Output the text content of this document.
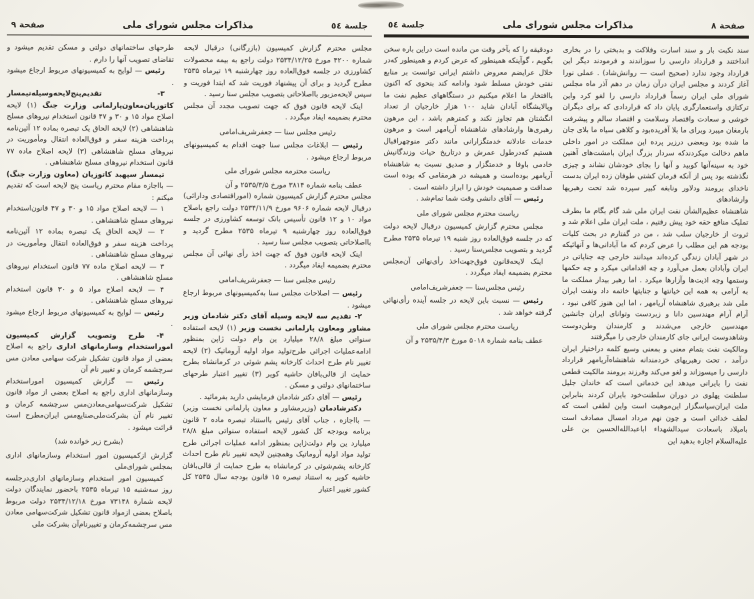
جلسة ٥٤
مذاکرات مجلس شورای ملی
صفحة ٩

مجلس محترم گزارش کمیسیون (بازرگانی) درقبال لایحه شماره ۴۲۰۰ مورخ ۲۵۳۴/۱۲/۲۵ دولت راجع به بیمه محصولات کشاورزی در جلسه فوق‌العاده روز چهارشنبه ۱۹ تیرماه ۲۵۳۵ مطرح گردید و برای آن پیشنهاد فوریت شد که ابتدا فوریت و سپس لایحه‌مزبور بااصلاحاتی بتصویب مجلس سنا رسید .

اینک لایحه قانون فوق که جهت تصویب مجدد آن مجلس محترم بضمیمه ایفاد میگردد .

رئیس مجلس سنا — جعفرشریف‌امامی

رئیس — ابلاغات مجلس سنا جهت اقدام به کمیسیونهای مربوط ارجاع میشود .

ریاست محترمه مجلس شورای ملی

عطف بنامه شماره ۳۸۱۴ مورخ ۲۵۳۵/۳/۵ و آن

مجلس محترم گزارش کمیسیون شماره (اموراقتصادی ودارائی) درقبال لایحه شماره ۹۶۰۶ مورخ ۲۵۳۴/۱۱/۹ دولت راجع باصلاح مواد ۱۰ و ۱۲ قانون تأسیس بانک توسعه کشاورزی در جلسه فوق‌العاده روز چهارشنبه ۹ تیرماه ۲۵۳۵ مطرح گردید و بااصلاحاتی بتصویب مجلس سنا رسید .

اینک لایحه قانون فوق که جهت اخذ رأی نهائی آن مجلس محترم بضمیمه ایفاد میگردد .

رئیس مجلس سنا — جعفرشریف‌امامی

رئیس — اصلاحات مجلس سنا به‌کمیسیونهای مربوط ارجاع میشود .

۲- تقدیم سه لایحه وسیله آقای دکتر شادمان وزیر مشاور ومعاون پارلمانی نخست وزیر (۱) لایحه استفاده سنواتی مبلغ ۲۸/۸ میلیارد ین وام دولت ژاپن بمنظور ادامه‌عملیات اجرائی طرح‌تولید مواد اولیه آروماتیک (۲) لایحه تغییر نام طرح احداث کارخانه پشم شوئی در کرمانشاه بطرح حمایت از قالی‌بافان حاشیه کویر (۳) تغییر اعتبار طرحهای ساختمانهای دولتی و مسکن .

رئیس — آقای دکتر شادمان فرمایشی دارید بفرمائید .

دکترشادمان (وزیرمشاور و معاون پارلمانی نخست وزیر) — بااجازه ، جناب آقای رئیس بااستناد تبصره ماده ۲ قانون برنامه وبودجه کل کشور لایحه استفاده سنواتی مبلغ ۲۸/۸ میلیارد ین وام دولت‌ژاپن بمنظور ادامه عملیات اجرائی طرح تولید مواد اولیه آروماتیک وهمچنین لایحه تغییر نام طرح احداث کارخانه پشم‌شوئی در کرمانشاه به طرح حمایت از قالی‌بافان حاشیه کویر به استناد تبصره ۱۵ قانون بودجه سال ۲۵۳۵ کل کشور تغییر اعتبار

طرحهای ساختمانهای دولتی و مسکن تقدیم میشود و تقاضای تصویب آنها را دارم .

رئیس — لوایح به کمیسیونهای مربوط ارجاع میشود .

۳- تقدیم‌پنج‌لایحه‌وسیله‌تیمسار کاتوزیان‌معاون‌پارلمانی وزارت جنگ (۱) لایحه اصلاح مواد ۱۵ و ۳۰ و ۴۷ قانون استخدام نیروهای مسلح شاهنشاهی (۲) لایحه الحاق یک تبصره بماده ۱۲ آئین‌نامه پرداخت هزینه سفر و فوق‌العاده انتقال ومأموریت در نیروهای مسلح شاهنشاهی (۳) لایحه اصلاح ماده ۷۷ قانون استخدام نیروهای مسلح شاهنشاهی .

تیمسار سپهبد کاتوزیان (معاون وزارت جنگ) — بااجازه مقام محترم ریاست پنج لایحه است که تقدیم میکنم :

۱ — لایحه اصلاح مواد ۱۵ و ۳۰ و ۴۷ قانون‌استخدام نیروهای مسلح شاهنشاهی .

۲ — لایحه الحاق یک تبصره بماده ۱۲ آئین‌نامه پرداخت هزینه سفر و فوق‌العاده انتقال ومأموریت در نیروهای مسلح شاهنشاهی .

۳ — لایحه اصلاح ماده ۷۷ قانون استخدام نیروهای مسلح شاهنشاهی .

۴ — لایحه اصلاح مواد ۵ و ۳۰ قانون استخدام نیروهای مسلح شاهنشاهی .

رئیس — لوایح به کمیسیونهای مربوط ارجاع میشود .

۴- طرح وتصویب گزارش کمیسیون اموراستخدام وسازمانهای اداری راجع به اصلاح بعضی از مواد قانون تشکیل شرکت سهامی معادن مس سرچشمه کرمان و تغییر نام آن

رئیس — گزارش کمیسیون اموراستخدام وسازمانهای اداری راجع به اصلاح بعضی از مواد قانون تشکیل شرکت‌سهامی‌معادن‌مس سرچشمه کرمان و تغییر نام آن بشرکت‌ملی‌صنایع‌مس ایران‌مطرح است قرائت میشود .

(بشرح زیر خوانده شد)

گزارش ازکمیسیون امور استخدام وسازمانهای اداری بمجلس شورای‌ملی

کمیسیون امور استخدام وسازمانهای اداری‌درجلسه روز سه‌شنبه ۱۵ تیرماه ۲۵۳۵ باحضور نمایندگان دولت لایحه شمارة ۷۳۱۴۸ مورخ ۲۵۳۴/۱۲/۱۸ دولت مربوط باصلاح بعضی ازمواد قانون تشکیل شرکت‌سهامی معادن مس سرچشمه‌کرمان و تغییرنام‌آن بشرکت ملی

صفحة ٨
مذاکرات مجلس شورای ملی
جلسة ٥٤

سند نکبت بار و سند اسارت وفلاکت و بدبختی را در بخاری انداختند و قرارداد دارسی را سوزاندند و فرمودند دیگر این قرارداد وجود ندارد (صحیح است — روانش‌شاد) . عملی نورا آغاز کردند و مجلس ایران درآن زمان در دهم آذر ماه مجلس شورای ملی ایران رسماً قرارداد دارسی را لغو کرد واین ترکتازی واستعمارگری پایان داد که قراردادی که برای دیگران خوشی و سعادت واقتصاد وسلامت و اقتصاد سالم و پیشرفت بارمغان میبرد وبرای ما بلا آفریده‌بود و کلاهی سیاه ما بلای جان ما شده بود وبعضی درزیر پرده این مملکت در امور داخلی ماهم دخالت میکردندکه سردار بزرگ ایران بامشت‌های آهنین خود به سینه‌آنها کوبید و آنها را بجای خودشان نشاند و چیزی نگذشته بود پس از آنکه فرمان کشتی طوفان زده ایران بدست ناخدای برومند ودلاور ونابغه کبیر سپرده شد تحت رهبریها وارشادهای

شاهنشاه عظیم‌الشأن نفت ایران ملی شد گام بگام ما بطرف تملیک منافع حقه خود پیش رفتیم ، ملت ایران ملی اعلام شد و ثروت از خارجیان سلب شد ، من در گفتارم در بحث کلیات بودجه هم این مطلب را عرض کردم که ما آبادانی‌ها و آنهائیکه در شهر آبادان زندگی کرده‌اند میدانند خارجی چه جنایاتی در ایران وآبادان بعمل می‌آورد و چه اقداماتی میکرد و چه حکمها وستمها وچه اذیت‌ها وآزارها میکرد . اما رهبر بیدار مملکت ما به آرامی به همه این خیانتها و جنایتها خاتمه داد ونفت ایران ملی شد برهبری شاهنشاه آریامهر ، اما این هنوز کافی نبود ، آرام آرام مهندسین دانا و زبردست وتوانای ایران جانشین مهندسین خارجی می‌شدند و کارمندان وطن‌دوست وشاهدوست ایرانی جای کارمندان خارجی را میگرفتند

ومالکیت نفت بتمام معنی و بمعنی وسیع کلمه دراختیار ایران درآمد ، تحت رهبریهای خردمندانه شاهنشاه‌آریامهر قرارداد دارسی را میسوزاند و لغو می‌کند وفرزند برومند مالکیت قطعی نفت را بایرانی میدهد این خدماتی است که خاندان جلیل سلطنت پهلوی در دوران سلطنت‌خود بایران کردند بنابراین ملت ایران‌سپاسگزار این‌موهبت است واین لطفی است که لطف خدائی است و چون نهم مرداد امسال مصادف است بامیلاد باسعادت سیدالشهداء اباعبدالله‌الحسین بن علی علیه‌السلام اجازه بدهید این

دودقیقه را که بآخر وقت من مانده است دراین باره سخن بگویم ، گوآینکه همینطور که عرض کردم و همینطور که‌در خلال عرایضم معروض داشتم ایرانی توانست بر منابع نفتی خودش مسلط شود وادامه کند بنحوی که اکنون باافتخار ما اعلام میکنیم در دستگاههای عظیم نفت ما وپالایشگاه آبادان شاید ۱۰۰ هزار خارجیان از تعداد انگشتان هم تجاوز نکند و کمترهم باشد ، این مرهون رهبری‌ها وارشادهای شاهنشاه آریامهر است و مرهون خدمات عادلانه خدمتگزارانی مانند دکتر منوچهراقبال هستیم که‌درطول عمرش و درتاریخ حیات وزندگانیش خادمی باوفا و خدمتگزار و صدیق نسبت به شاهنشاه آریامهر بوده‌است و همیشه در هرمقامی که بوده است صداقت و صمیمیت خودش را ابراز داشته است .

رئیس — آقای دانشی وقت شما تمام‌شد .

ریاست محترم مجلس شورای ملی

مجلس محترم گزارش کمیسیون درقبال لایحه دولت که در جلسه فوق‌العاده روز شنبه ۱۹ تیرماه ۲۵۳۵ مطرح گردید و بتصویب مجلس‌سنا رسید .

اینک لایحه‌قانون فوق‌جهت‌اخذ رأی‌نهائی آن‌مجلس محترم بضمیمه ایفاد میگردد .

رئیس مجلس‌سنا — جعفرشریف‌امامی

رئیس — نسبت باین لایحه در جلسه آینده رأی‌نهائی گرفته خواهد شد .

ریاست محترم مجلس شورای ملی

عطف بنامه شماره ۵۰۱۸ مورخ ۲۵۳۵/۴/۳ و آن
